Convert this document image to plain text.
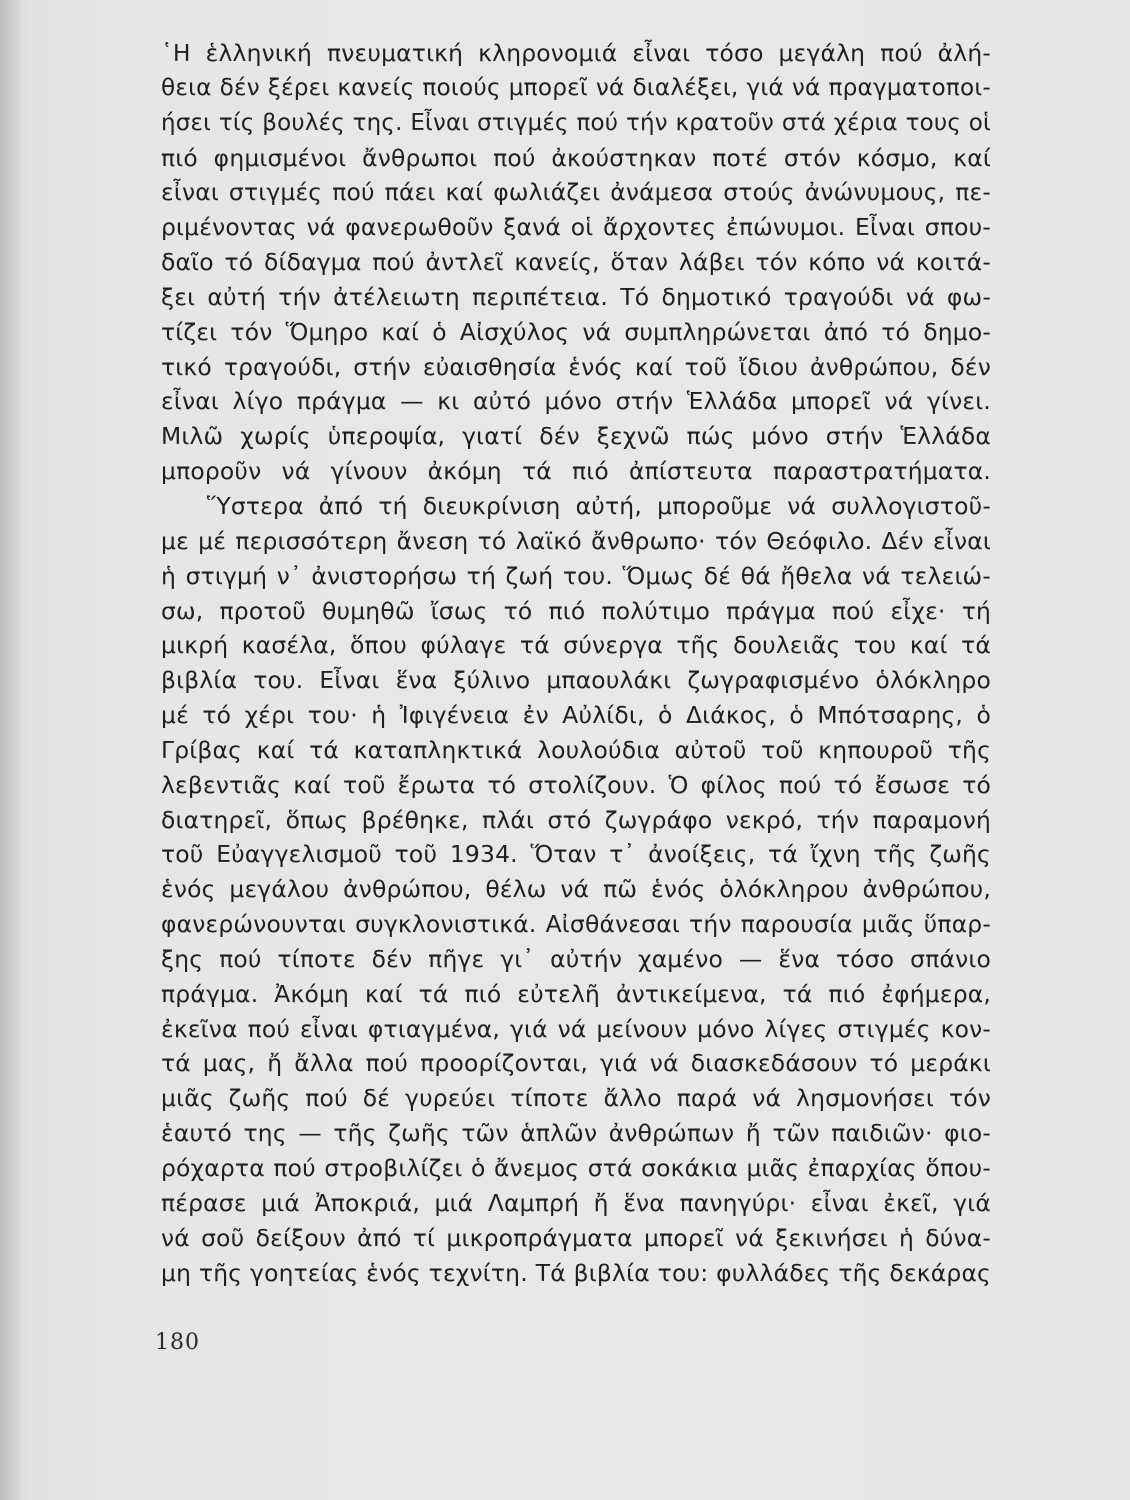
῾Η ἑλληνική πνευματική κληρονομιά εἶναι τόσο μεγάλη πού ἀλή-
θεια δέν ξέρει κανείς ποιούς μπορεῖ νά διαλέξει, γιά νά πραγματοποι-
ήσει τίς βουλές της. Εἶναι στιγμές πού τήν κρατοῦν στά χέρια τους οἱ
πιό φημισμένοι ἄνθρωποι πού ἀκούστηκαν ποτέ στόν κόσμο, καί
εἶναι στιγμές πού πάει καί φωλιάζει ἀνάμεσα στούς ἀνώνυμους, πε-
ριμένοντας νά φανερωθοῦν ξανά οἱ ἄρχοντες ἐπώνυμοι. Εἶναι σπου-
δαῖο τό δίδαγμα πού ἀντλεῖ κανείς, ὅταν λάβει τόν κόπο νά κοιτά-
ξει αὐτή τήν ἀτέλειωτη περιπέτεια. Τό δημοτικό τραγούδι νά φω-
τίζει τόν Ὅμηρο καί ὁ Αἰσχύλος νά συμπληρώνεται ἀπό τό δημο-
τικό τραγούδι, στήν εὐαισθησία ἑνός καί τοῦ ἴδιου ἀνθρώπου, δέν
εἶναι λίγο πράγμα — κι αὐτό μόνο στήν Ἑλλάδα μπορεῖ νά γίνει.
Μιλῶ χωρίς ὑπεροψία, γιατί δέν ξεχνῶ πώς μόνο στήν Ἑλλάδα
μποροῦν νά γίνουν ἀκόμη τά πιό ἀπίστευτα παραστρατήματα.
Ὕστερα ἀπό τή διευκρίνιση αὐτή, μποροῦμε νά συλλογιστοῦ-
με μέ περισσότερη ἄνεση τό λαϊκό ἄνθρωπο· τόν Θεόφιλο. Δέν εἶναι
ἡ στιγμή ν᾿ ἀνιστορήσω τή ζωή του. Ὅμως δέ θά ἤθελα νά τελειώ-
σω, προτοῦ θυμηθῶ ἴσως τό πιό πολύτιμο πράγμα πού εἶχε· τή
μικρή κασέλα, ὅπου φύλαγε τά σύνεργα τῆς δουλειᾶς του καί τά
βιβλία του. Εἶναι ἕνα ξύλινο μπαουλάκι ζωγραφισμένο ὁλόκληρο
μέ τό χέρι του· ἡ Ἰφιγένεια ἐν Αὐλίδι, ὁ Διάκος, ὁ Μπότσαρης, ὁ
Γρίβας καί τά καταπληκτικά λουλούδια αὐτοῦ τοῦ κηπουροῦ τῆς
λεβεντιᾶς καί τοῦ ἔρωτα τό στολίζουν. Ὁ φίλος πού τό ἔσωσε τό
διατηρεῖ, ὅπως βρέθηκε, πλάι στό ζωγράφο νεκρό, τήν παραμονή
τοῦ Εὐαγγελισμοῦ τοῦ 1934. Ὅταν τ᾿ ἀνοίξεις, τά ἴχνη τῆς ζωῆς
ἑνός μεγάλου ἀνθρώπου, θέλω νά πῶ ἑνός ὁλόκληρου ἀνθρώπου,
φανερώνουνται συγκλονιστικά. Αἰσθάνεσαι τήν παρουσία μιᾶς ὕπαρ-
ξης πού τίποτε δέν πῆγε γι᾿ αὐτήν χαμένο — ἕνα τόσο σπάνιο
πράγμα. Ἀκόμη καί τά πιό εὐτελῆ ἀντικείμενα, τά πιό ἐφήμερα,
ἐκεῖνα πού εἶναι φτιαγμένα, γιά νά μείνουν μόνο λίγες στιγμές κον-
τά μας, ἤ ἄλλα πού προορίζονται, γιά νά διασκεδάσουν τό μεράκι
μιᾶς ζωῆς πού δέ γυρεύει τίποτε ἄλλο παρά νά λησμονήσει τόν
ἑαυτό της — τῆς ζωῆς τῶν ἁπλῶν ἀνθρώπων ἤ τῶν παιδιῶν· φιο-
ρόχαρτα πού στροβιλίζει ὁ ἄνεμος στά σοκάκια μιᾶς ἐπαρχίας ὅπου-
πέρασε μιά Ἀποκριά, μιά Λαμπρή ἤ ἕνα πανηγύρι· εἶναι ἐκεῖ, γιά
νά σοῦ δείξουν ἀπό τί μικροπράγματα μπορεῖ νά ξεκινήσει ἡ δύνα-
μη τῆς γοητείας ἑνός τεχνίτη. Τά βιβλία του: φυλλάδες τῆς δεκάρας
180
